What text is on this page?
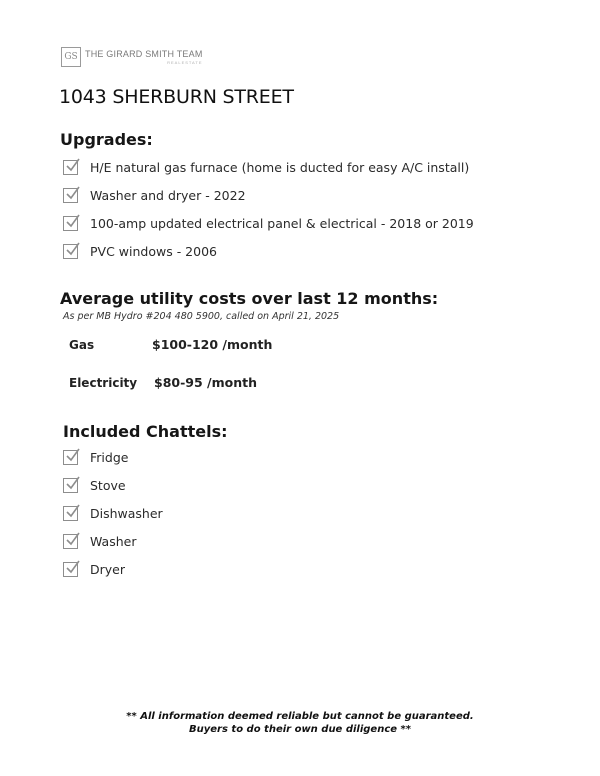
GS THE GIRARD SMITH TEAM
REALESTATE
1043 SHERBURN STREET
Upgrades:
H/E natural gas furnace (home is ducted for easy A/C install)
Washer and dryer - 2022
100-amp updated electrical panel & electrical - 2018 or 2019
PVC windows - 2006
Average utility costs over last 12 months:
As per MB Hydro #204 480 5900, called on April 21, 2025
Gas	$100-120 /month
Electricity	$80-95 /month
Included Chattels:
Fridge
Stove
Dishwasher
Washer
Dryer
** All information deemed reliable but cannot be guaranteed.
Buyers to do their own due diligence **
